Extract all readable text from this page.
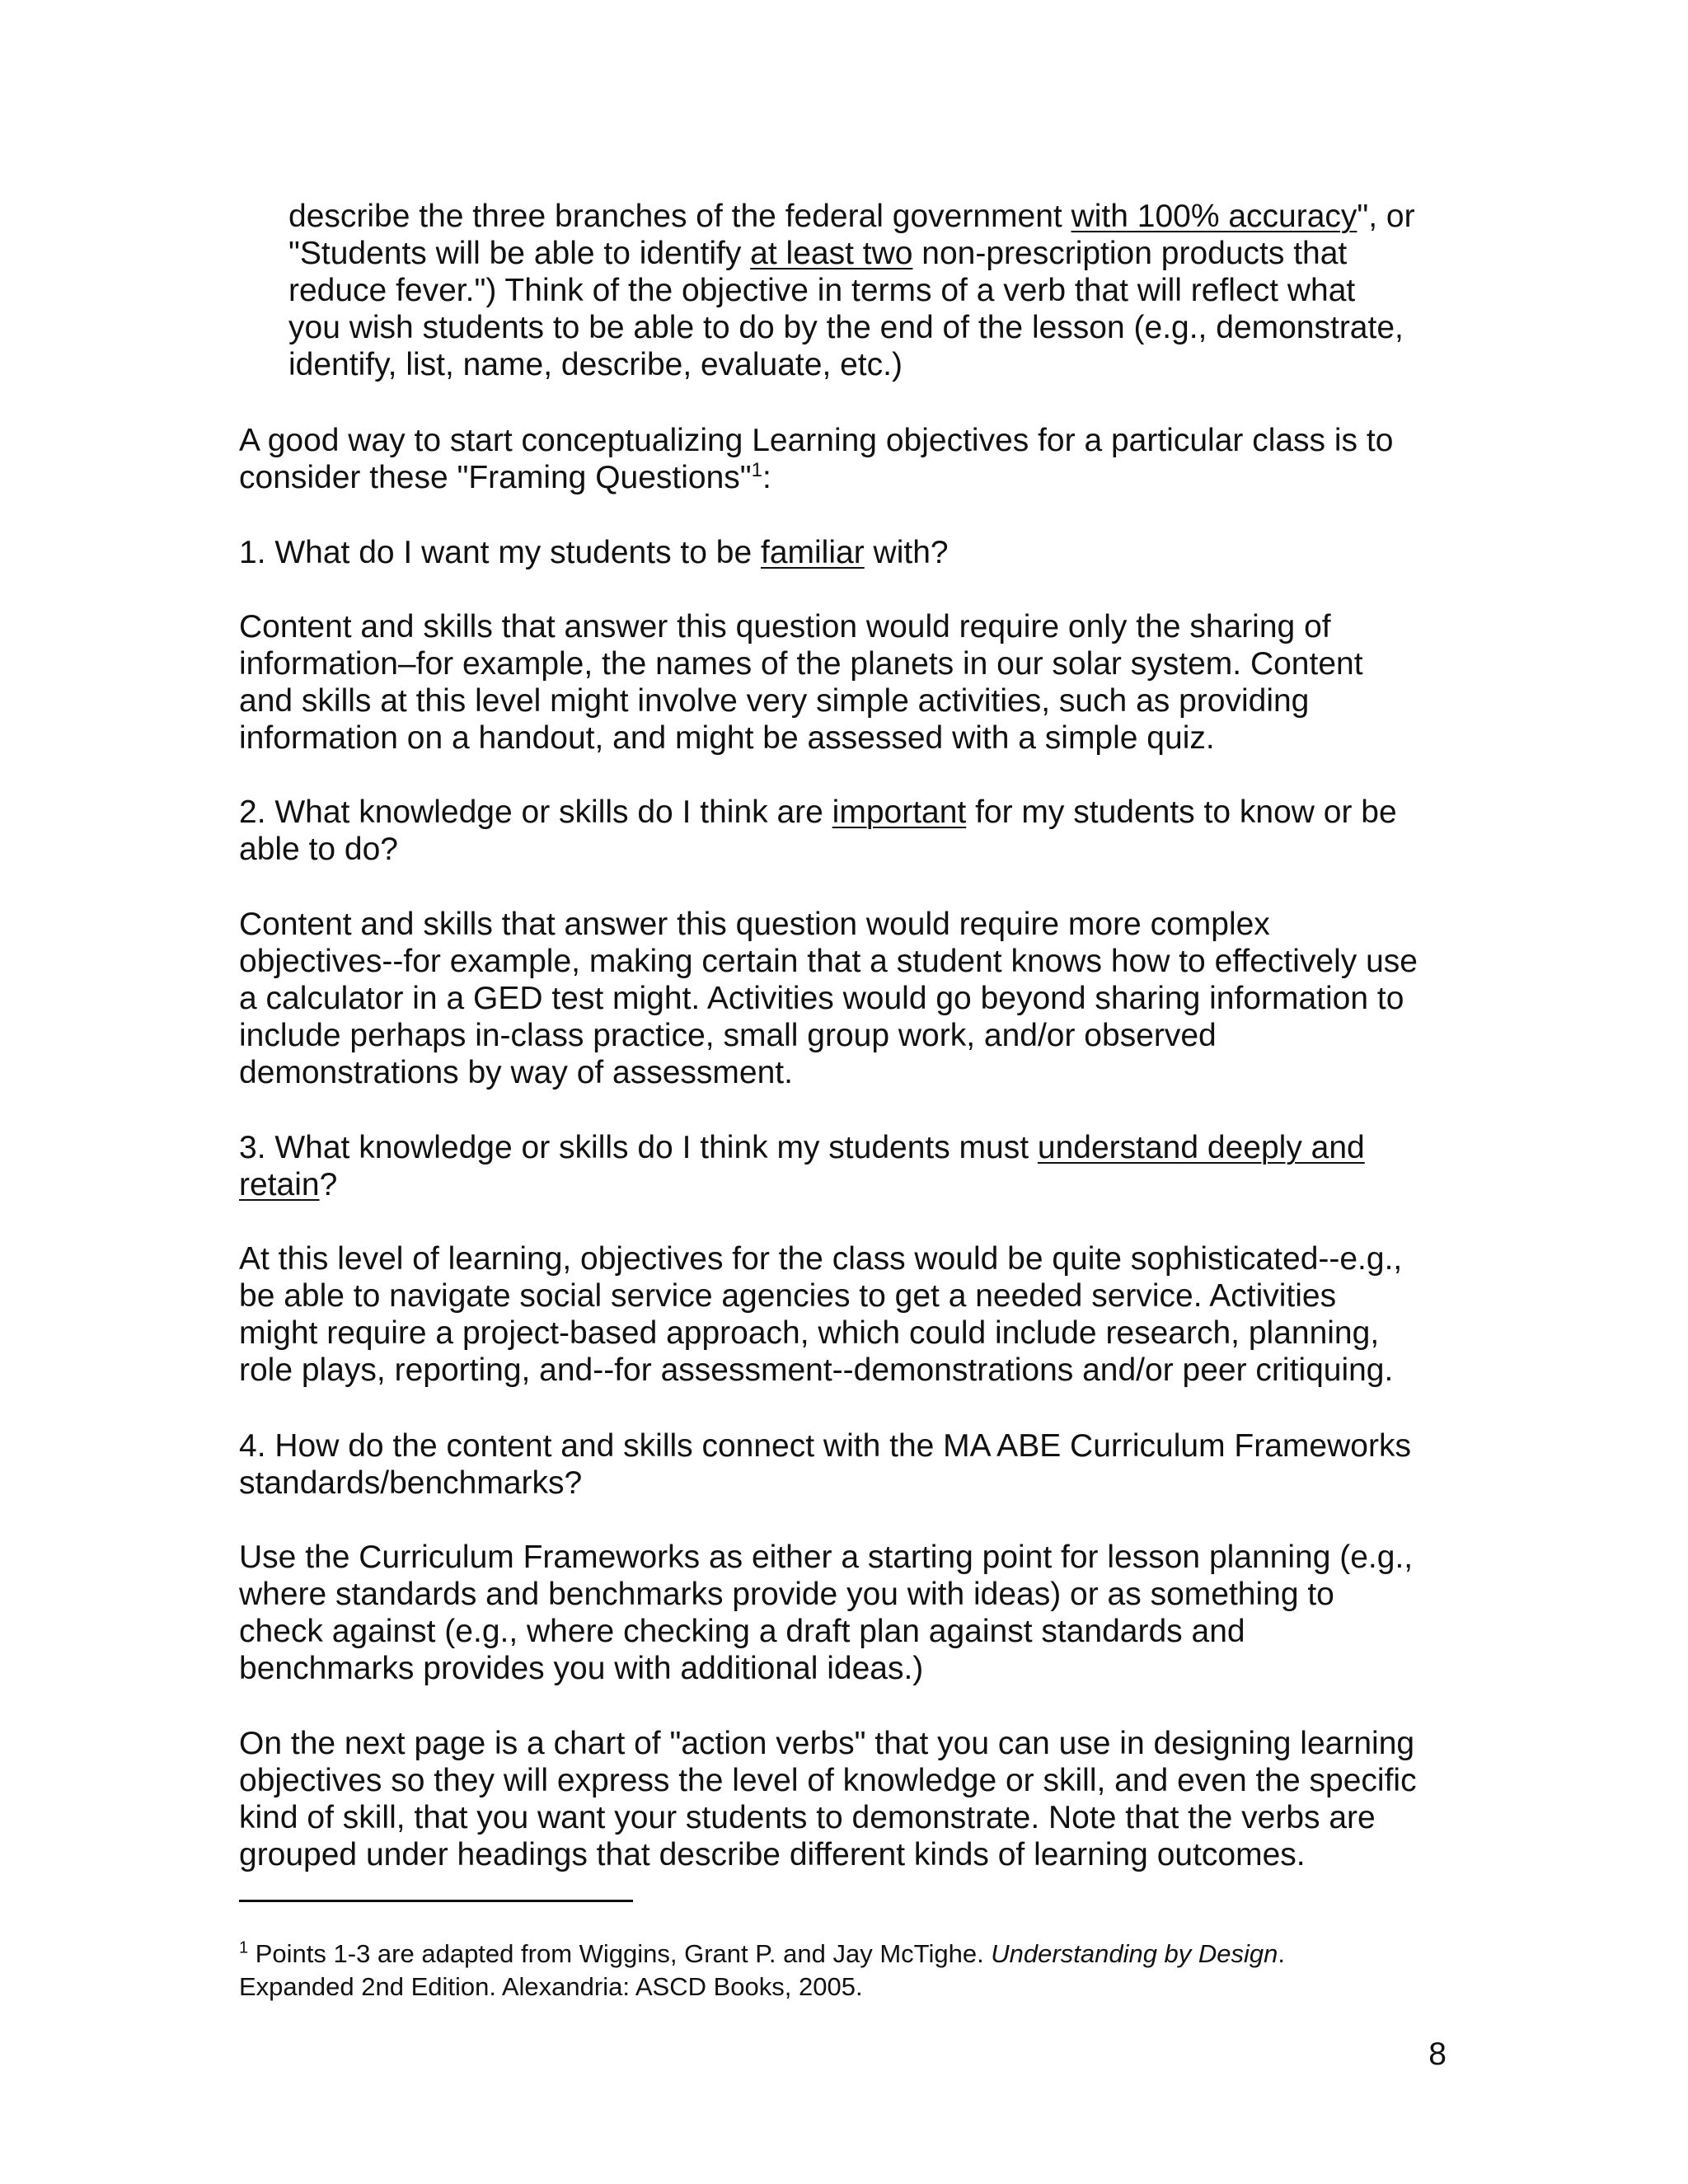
describe the three branches of the federal government with 100% accuracy", or
"Students will be able to identify at least two non-prescription products that
reduce fever.") Think of the objective in terms of a verb that will reflect what
you wish students to be able to do by the end of the lesson (e.g., demonstrate,
identify, list, name, describe, evaluate, etc.)

A good way to start conceptualizing Learning objectives for a particular class is to
consider these "Framing Questions"$^1$:

1. What do I want my students to be familiar with?

Content and skills that answer this question would require only the sharing of
information–for example, the names of the planets in our solar system. Content
and skills at this level might involve very simple activities, such as providing
information on a handout, and might be assessed with a simple quiz.

2. What knowledge or skills do I think are important for my students to know or be
able to do?

Content and skills that answer this question would require more complex
objectives--for example, making certain that a student knows how to effectively use
a calculator in a GED test might. Activities would go beyond sharing information to
include perhaps in-class practice, small group work, and/or observed
demonstrations by way of assessment.

3. What knowledge or skills do I think my students must understand deeply and
retain?

At this level of learning, objectives for the class would be quite sophisticated--e.g.,
be able to navigate social service agencies to get a needed service. Activities
might require a project-based approach, which could include research, planning,
role plays, reporting, and--for assessment--demonstrations and/or peer critiquing.

4. How do the content and skills connect with the MA ABE Curriculum Frameworks
standards/benchmarks?

Use the Curriculum Frameworks as either a starting point for lesson planning (e.g.,
where standards and benchmarks provide you with ideas) or as something to
check against (e.g., where checking a draft plan against standards and
benchmarks provides you with additional ideas.)

On the next page is a chart of "action verbs" that you can use in designing learning
objectives so they will express the level of knowledge or skill, and even the specific
kind of skill, that you want your students to demonstrate. Note that the verbs are
grouped under headings that describe different kinds of learning outcomes.

$^1$ Points 1-3 are adapted from Wiggins, Grant P. and Jay McTighe. Understanding by Design.
Expanded 2nd Edition. Alexandria: ASCD Books, 2005.

8
